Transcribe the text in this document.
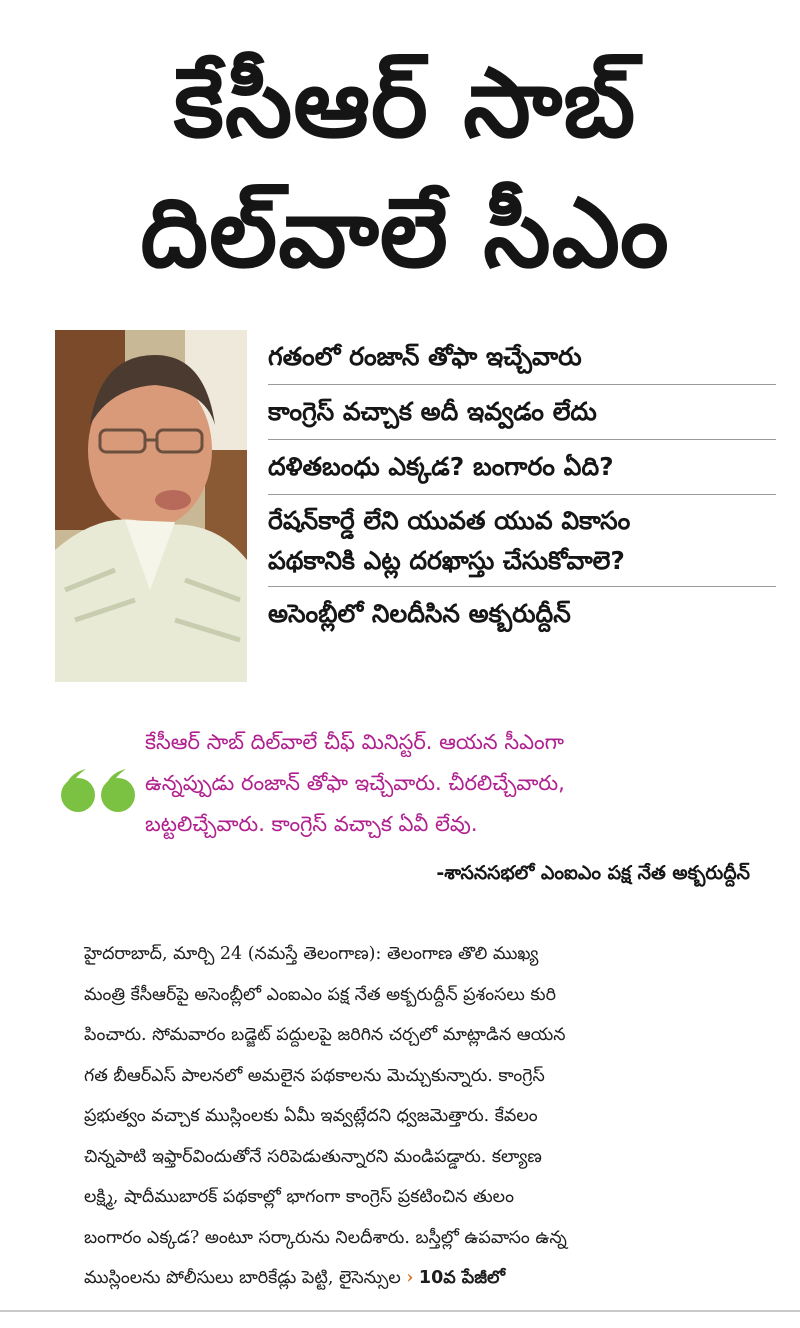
కేసీఆర్ సాబ్
దిల్‌వాలే సీఎం
గతంలో రంజాన్ తోఫా ఇచ్చేవారు
కాంగ్రెస్ వచ్చాక అదీ ఇవ్వడం లేదు
దళితబంధు ఎక్కడ? బంగారం ఏది?
రేషన్‌కార్డే లేని యువత యువ వికాసం
పథకానికి ఎట్ల దరఖాస్తు చేసుకోవాలె?
అసెంబ్లీలో నిలదీసిన అక్బరుద్దీన్
కేసీఆర్ సాబ్ దిల్‌వాలే చీఫ్ మినిస్టర్. ఆయన సీఎంగా
ఉన్నప్పుడు రంజాన్ తోఫా ఇచ్చేవారు. చీరలిచ్చేవారు,
బట్టలిచ్చేవారు. కాంగ్రెస్ వచ్చాక ఏవీ లేవు.
-శాసనసభలో ఎంఐఎం పక్ష నేత అక్బరుద్దీన్
హైదరాబాద్, మార్చి 24 (నమస్తే తెలంగాణ): తెలంగాణ తొలి ముఖ్య
మంత్రి కేసీఆర్‌పై అసెంబ్లీలో ఎంఐఎం పక్ష నేత అక్బరుద్దీన్ ప్రశంసలు కురి
పించారు. సోమవారం బడ్జెట్ పద్దులపై జరిగిన చర్చలో మాట్లాడిన ఆయన
గత బీఆర్‌ఎస్ పాలనలో అమలైన పథకాలను మెచ్చుకున్నారు. కాంగ్రెస్
ప్రభుత్వం వచ్చాక ముస్లింలకు ఏమీ ఇవ్వట్లేదని ధ్వజమెత్తారు. కేవలం
చిన్నపాటి ఇఫ్తార్‌విందుతోనే సరిపెడుతున్నారని మండిపడ్డారు. కల్యాణ
లక్ష్మి, షాదీముబారక్ పథకాల్లో భాగంగా కాంగ్రెస్ ప్రకటించిన తులం
బంగారం ఎక్కడ? అంటూ సర్కారును నిలదీశారు. బస్తీల్లో ఉపవాసం ఉన్న
ముస్లింలను పోలీసులు బారికేడ్లు పెట్టి, లైసెన్సుల › 10వ పేజీలో
